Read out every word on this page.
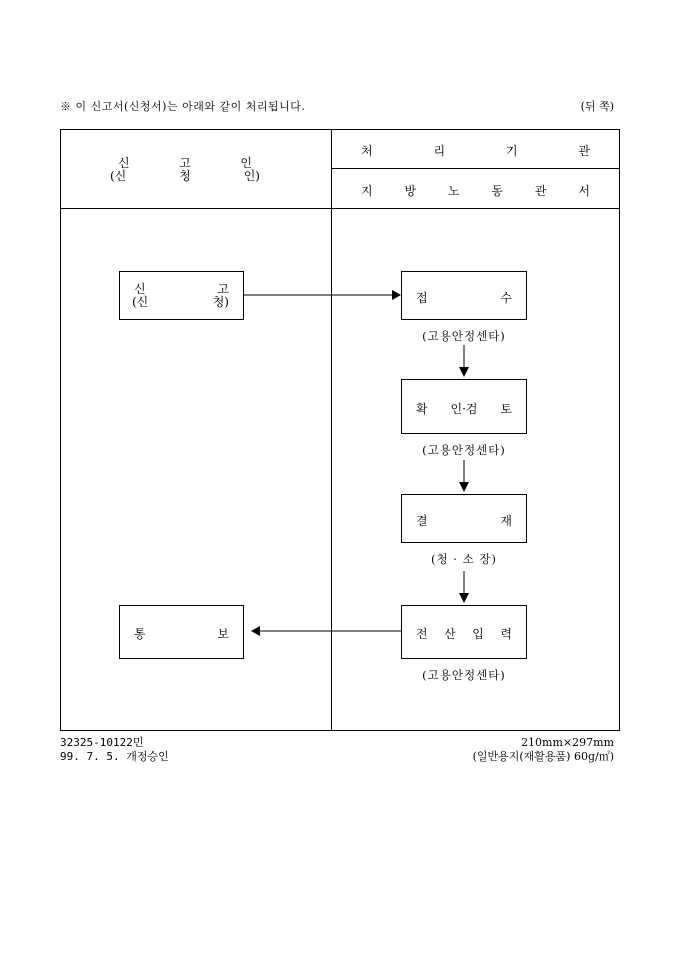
※ 이 신고서(신청서)는 아래와 같이 처리됩니다.	(뒤 쪽)
신	고	인
(신	청	인)
처	리	기	관
지	방	노	동	관	서
신	고
(신	청)
통	보
접	수
(고용안정센타)
확 인·검 토
(고용안정센타)
결	재
(청 · 소 장)
전 산 입 력
(고용안정센타)
32325-10122민
99. 7. 5. 개정승인
210mm×297mm
(일반용지(재활용품) 60g/㎡)
